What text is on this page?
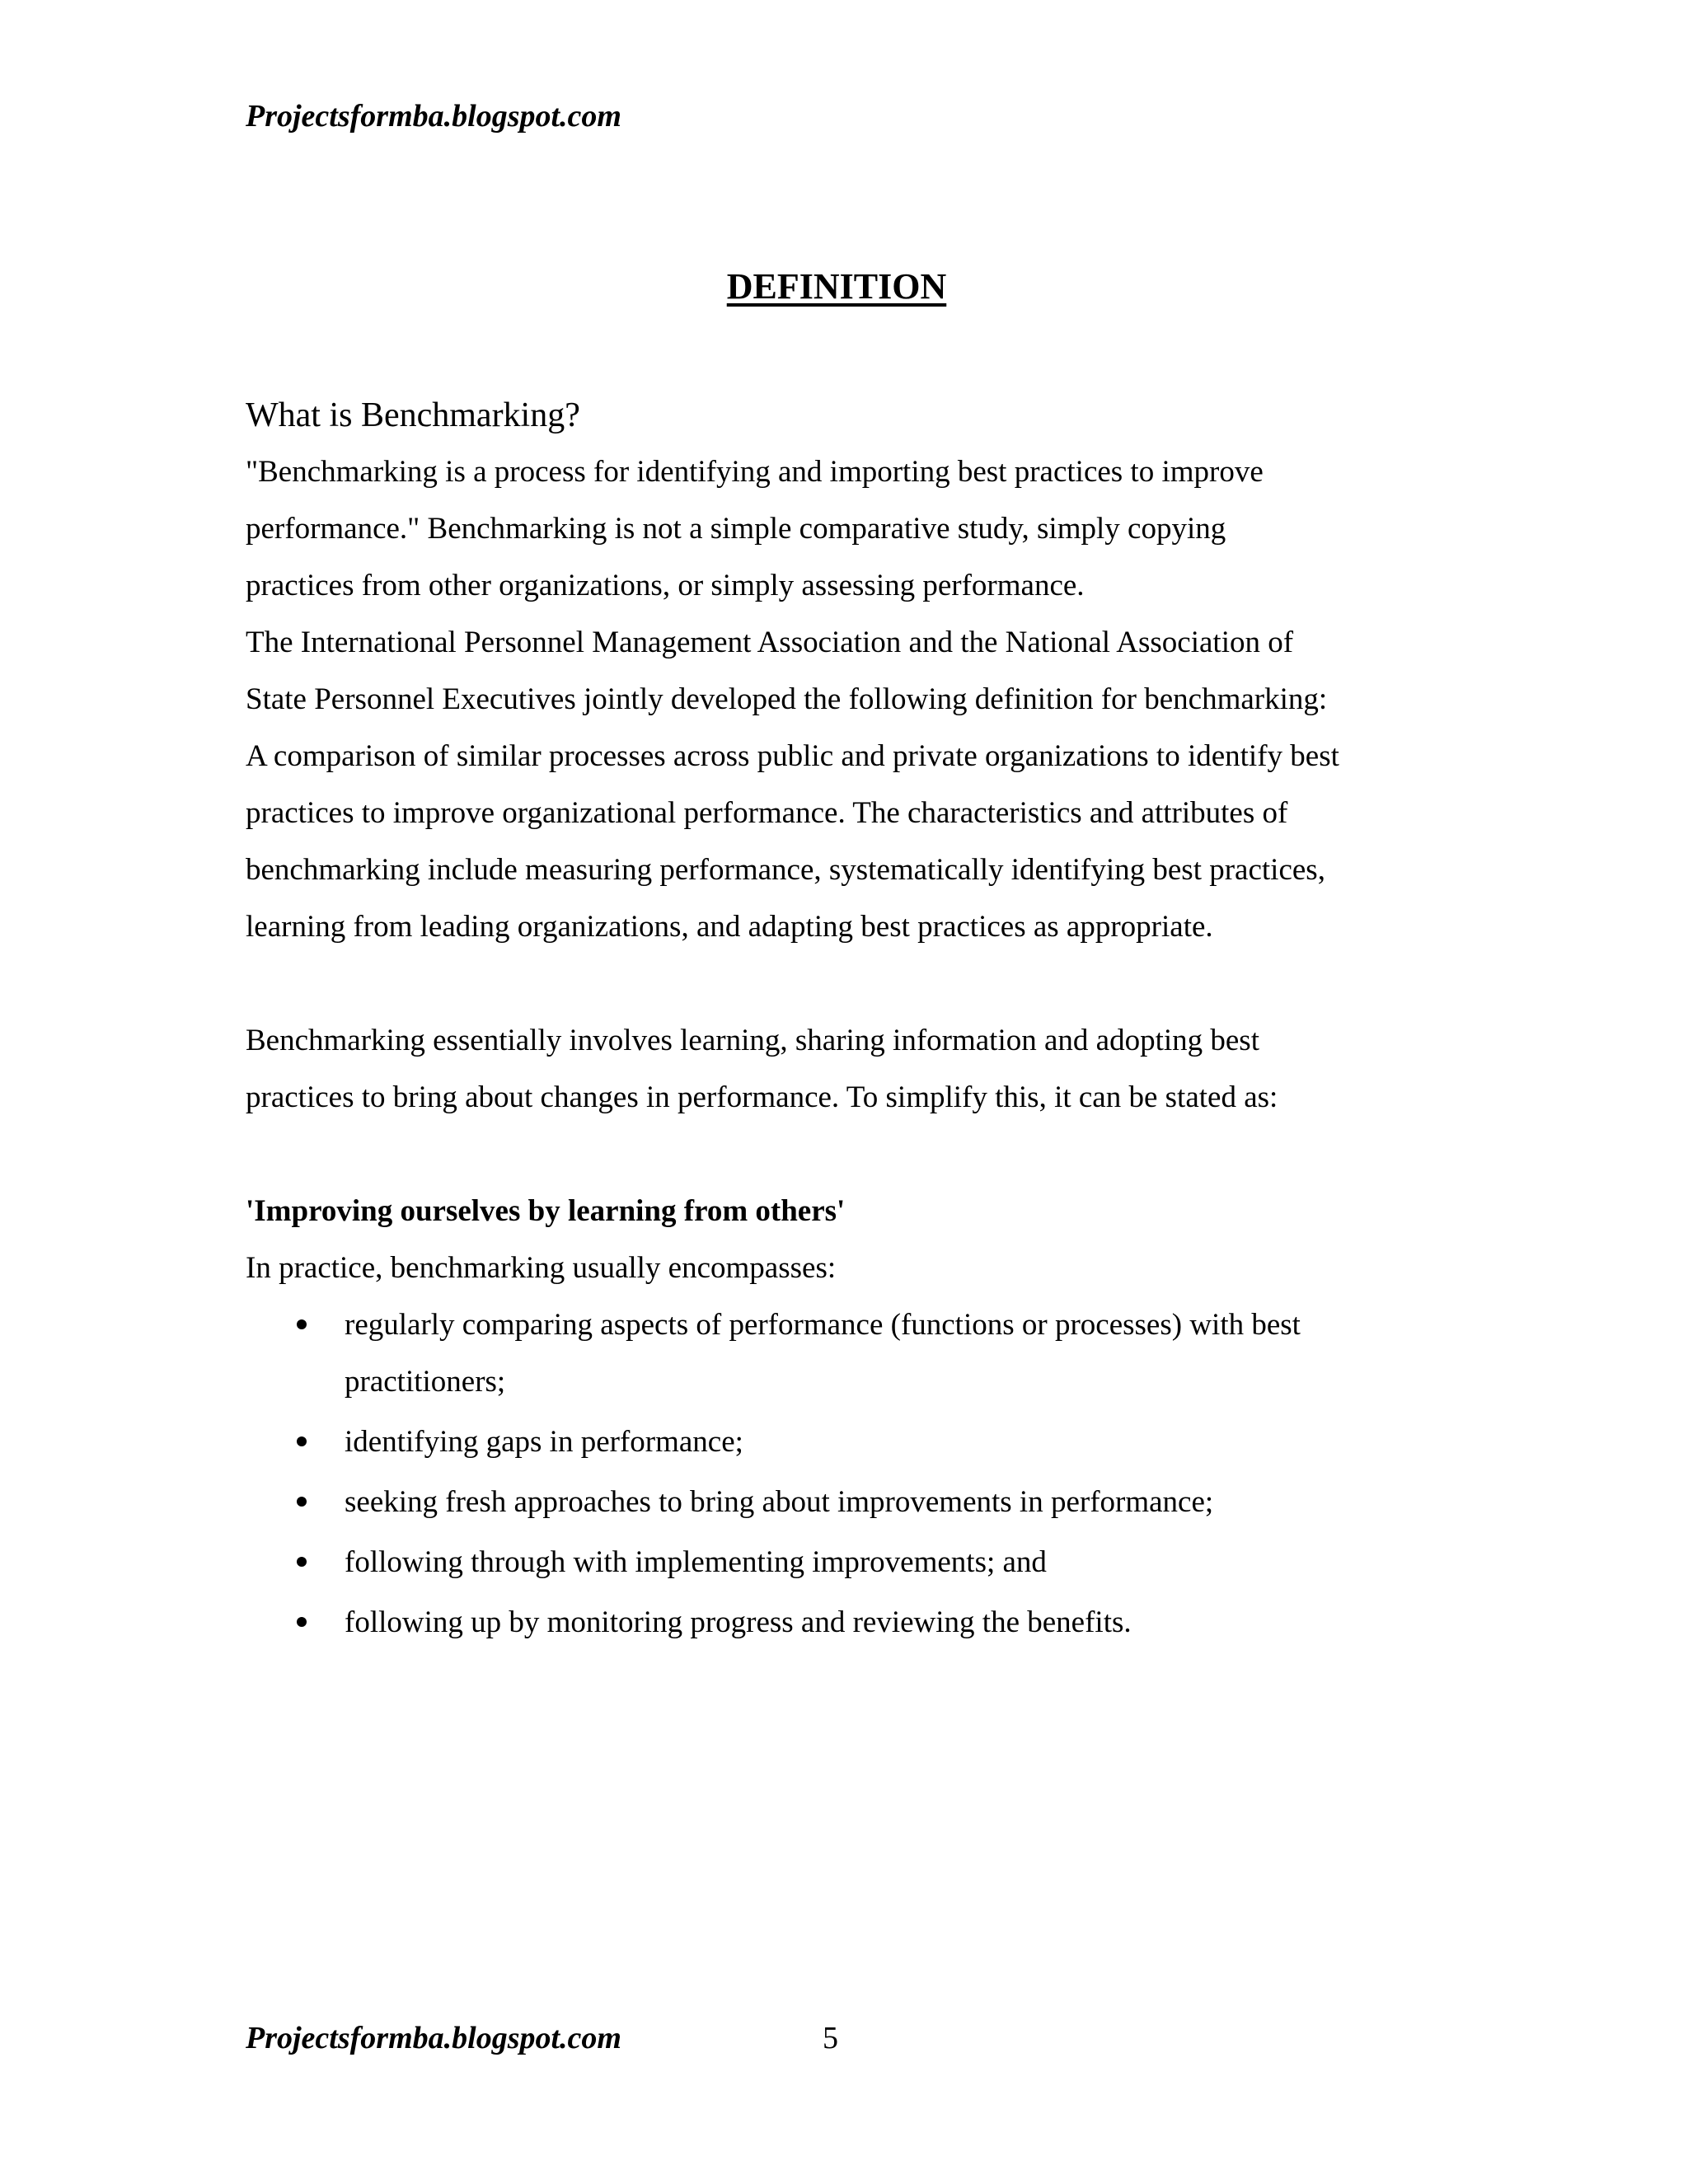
Projectsformba.blogspot.com
DEFINITION
What is Benchmarking?
"Benchmarking is a process for identifying and importing best practices to improve
performance." Benchmarking is not a simple comparative study, simply copying
practices from other organizations, or simply assessing performance.
The International Personnel Management Association and the National Association of
State Personnel Executives jointly developed the following definition for benchmarking:
A comparison of similar processes across public and private organizations to identify best
practices to improve organizational performance. The characteristics and attributes of
benchmarking include measuring performance, systematically identifying best practices,
learning from leading organizations, and adapting best practices as appropriate.
Benchmarking essentially involves learning, sharing information and adopting best
practices to bring about changes in performance. To simplify this, it can be stated as:
'Improving ourselves by learning from others'
In practice, benchmarking usually encompasses:
regularly comparing aspects of performance (functions or processes) with best
practitioners;
identifying gaps in performance;
seeking fresh approaches to bring about improvements in performance;
following through with implementing improvements; and
following up by monitoring progress and reviewing the benefits.
Projectsformba.blogspot.com	5
